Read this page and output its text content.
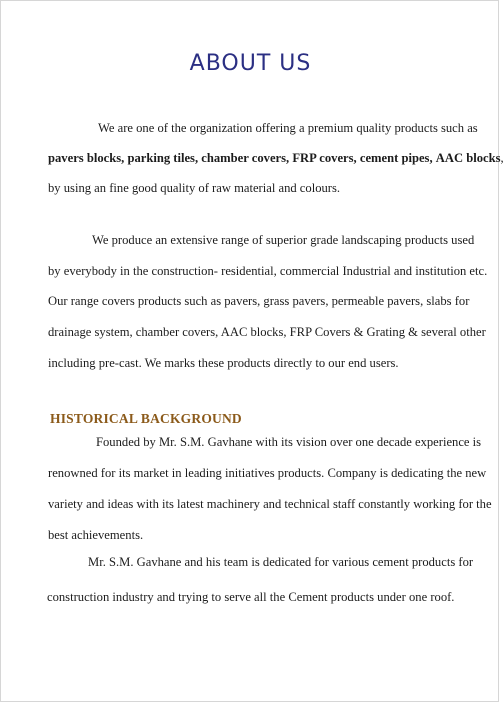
ABOUT US
We are one of the organization offering a premium quality products such as
pavers blocks, parking tiles, chamber covers, FRP covers, cement pipes, AAC blocks,
by using an fine good quality of raw material and colours.
We produce an extensive range of superior grade landscaping products used
by everybody in the construction- residential, commercial Industrial and institution etc.
Our range covers products such as pavers, grass pavers, permeable pavers, slabs for
drainage system, chamber covers, AAC blocks, FRP Covers & Grating & several other
including pre-cast. We marks these products directly to our end users.
HISTORICAL BACKGROUND
Founded by Mr. S.M. Gavhane with its vision over one decade experience is
renowned for its market in leading initiatives products. Company is dedicating the new
variety and ideas with its latest machinery and technical staff constantly working for the
best achievements.
Mr. S.M. Gavhane and his team is dedicated for various cement products for
construction industry and trying to serve all the Cement products under one roof.
